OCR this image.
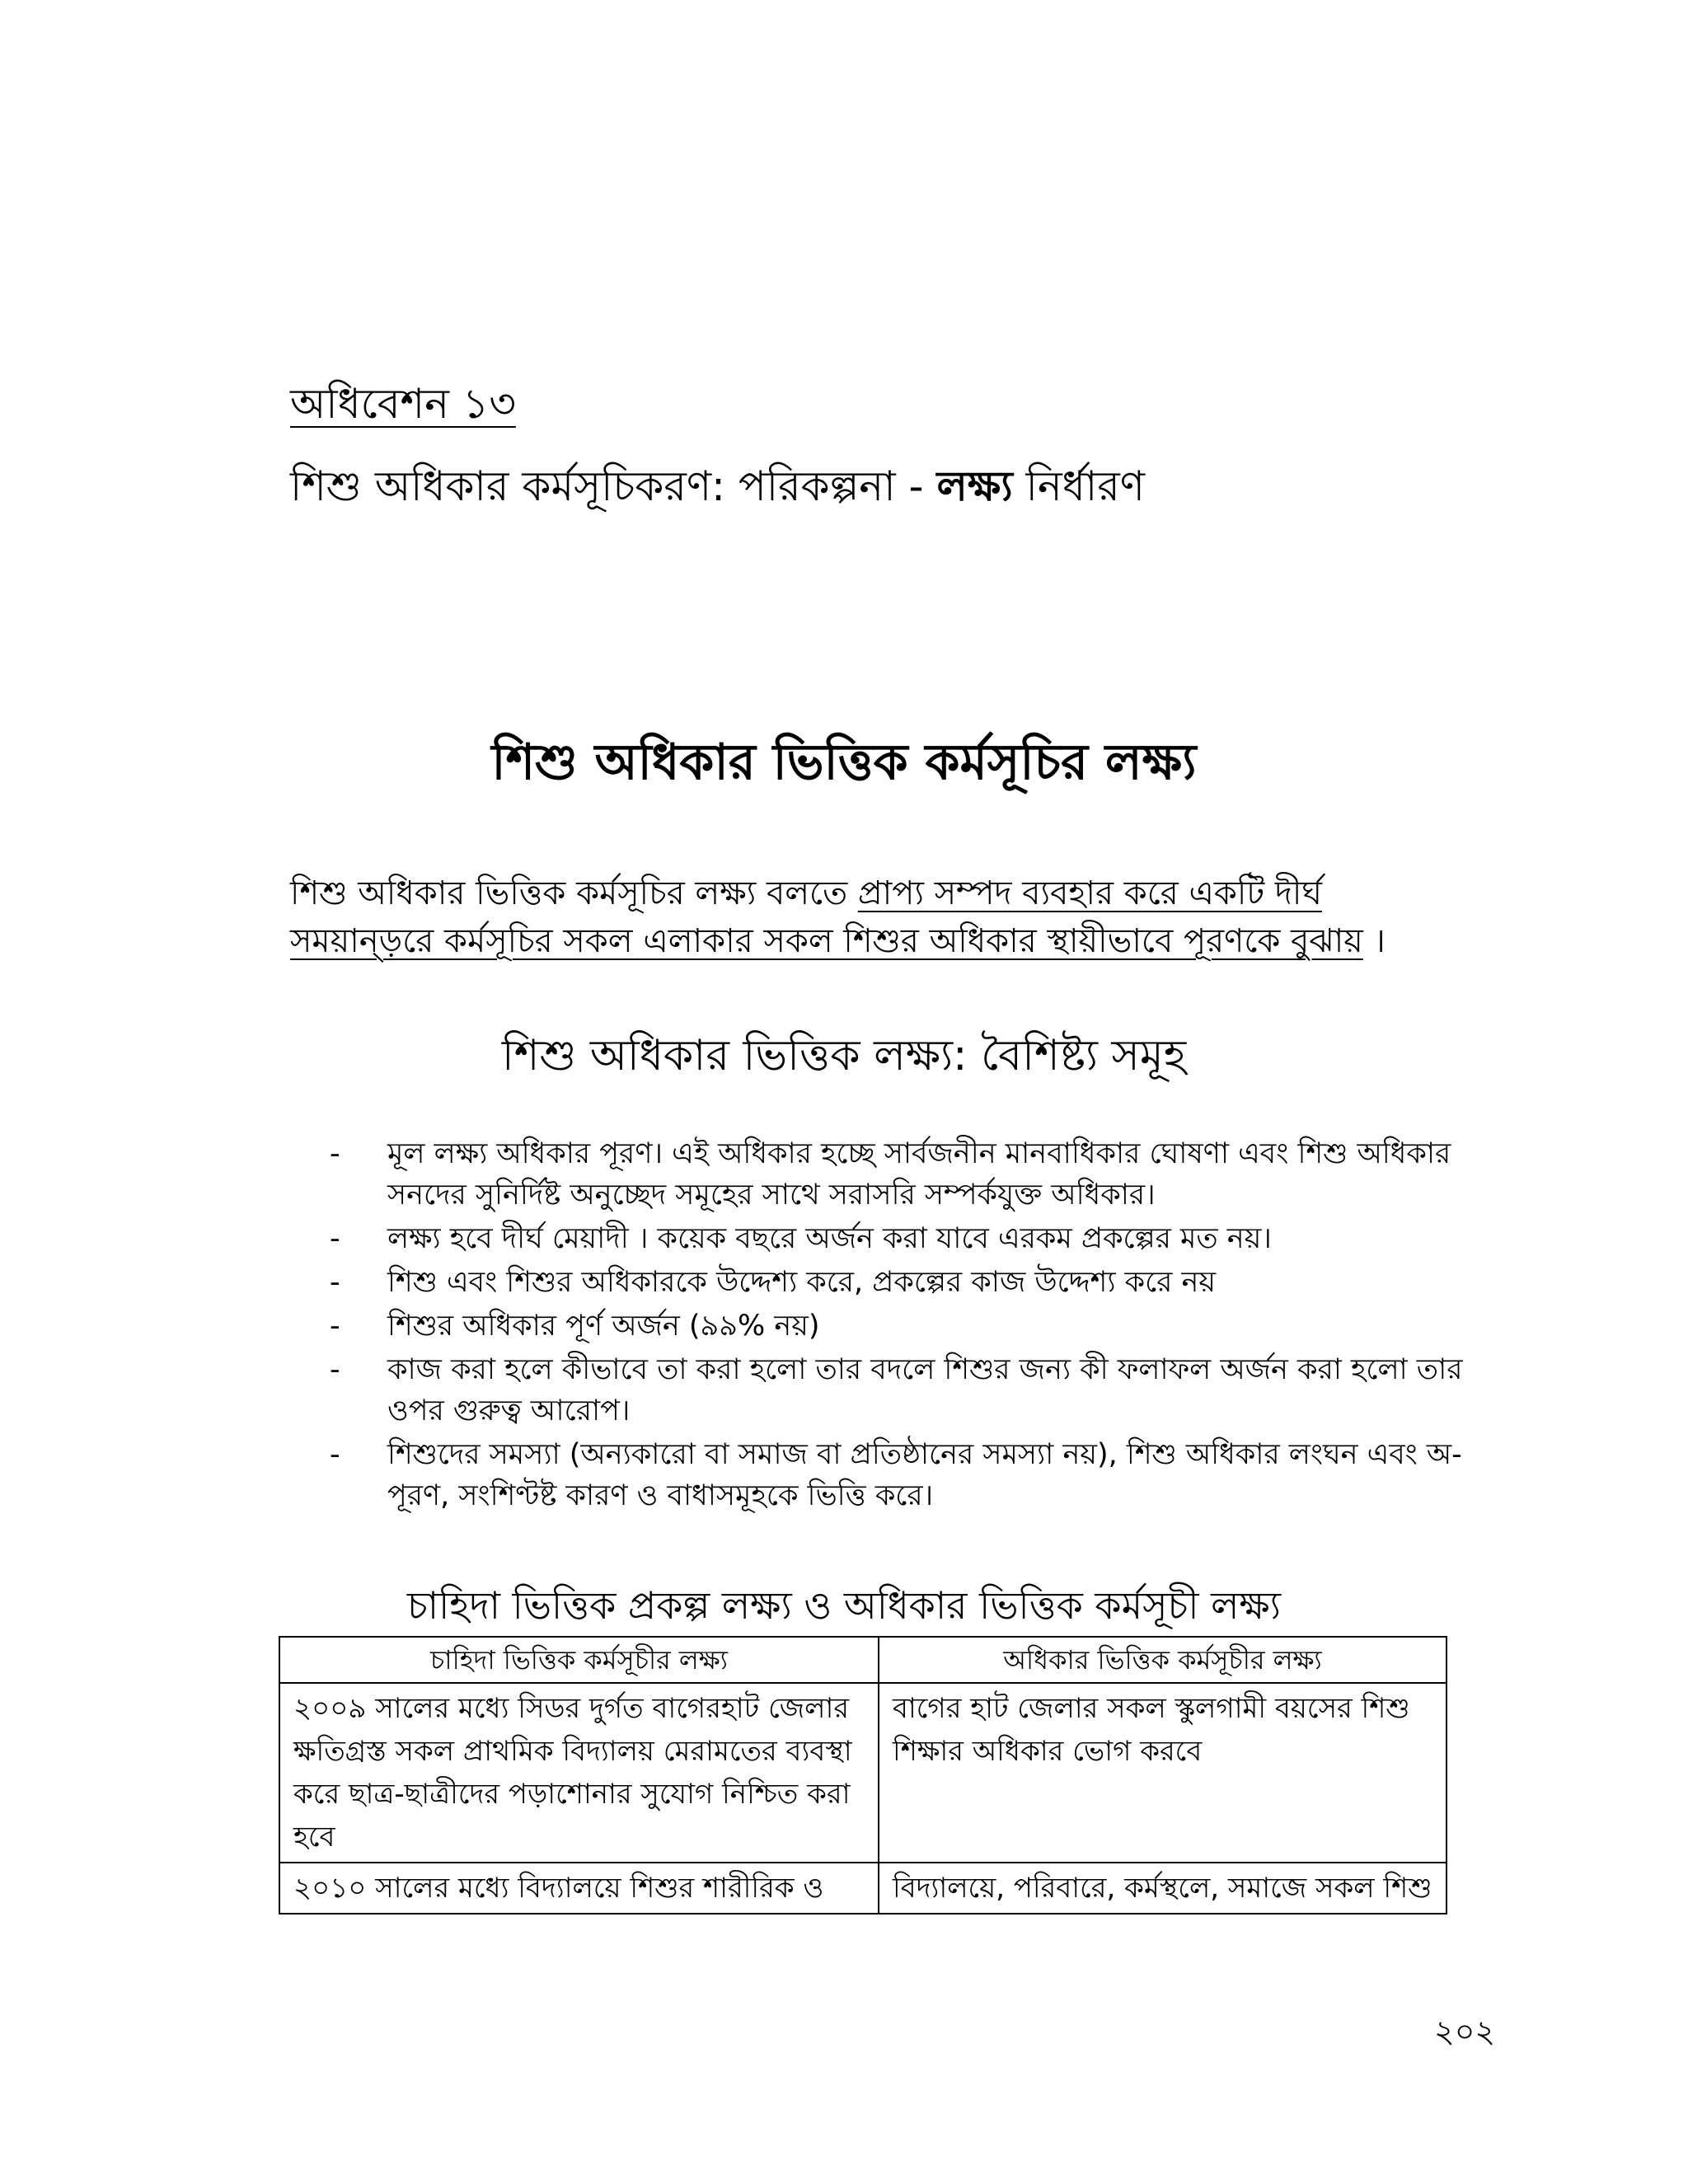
অধিবেশন ১৩
শিশু অধিকার কর্মসূচিকরণ: পরিকল্পনা - লক্ষ্য নির্ধারণ
শিশু অধিকার ভিত্তিক কর্মসূচির লক্ষ্য
শিশু অধিকার ভিত্তিক কর্মসূচির লক্ষ্য বলতে প্রাপ্য সম্পদ ব্যবহার করে একটি দীর্ঘ
সময়ান্ড়রে কর্মসূচির সকল এলাকার সকল শিশুর অধিকার স্থায়ীভাবে পূরণকে বুঝায় ।
শিশু অধিকার ভিত্তিক লক্ষ্য: বৈশিষ্ট্য সমূহ
- মূল লক্ষ্য অধিকার পূরণ। এই অধিকার হচ্ছে সার্বজনীন মানবাধিকার ঘোষণা এবং শিশু অধিকার সনদের সুনির্দিষ্ট অনুচ্ছেদ সমূহের সাথে সরাসরি সম্পর্কযুক্ত অধিকার।
- লক্ষ্য হবে দীর্ঘ মেয়াদী । কয়েক বছরে অর্জন করা যাবে এরকম প্রকল্পের মত নয়।
- শিশু এবং শিশুর অধিকারকে উদ্দেশ্য করে, প্রকল্পের কাজ উদ্দেশ্য করে নয়
- শিশুর অধিকার পূর্ণ অর্জন (৯৯% নয়)
- কাজ করা হলে কীভাবে তা করা হলো তার বদলে শিশুর জন্য কী ফলাফল অর্জন করা হলো তার ওপর গুরুত্ব আরোপ।
- শিশুদের সমস্যা (অন্যকারো বা সমাজ বা প্রতিষ্ঠানের সমস্যা নয়), শিশু অধিকার লংঘন এবং অ-পূরণ, সংশিণ্টষ্ট কারণ ও বাধাসমূহকে ভিত্তি করে।
চাহিদা ভিত্তিক প্রকল্প লক্ষ্য ও অধিকার ভিত্তিক কর্মসূচী লক্ষ্য
চাহিদা ভিত্তিক কর্মসূচীর লক্ষ্য	অধিকার ভিত্তিক কর্মসূচীর লক্ষ্য
২০০৯ সালের মধ্যে সিডর দুর্গত বাগেরহাট জেলার ক্ষতিগ্রস্ত সকল প্রাথমিক বিদ্যালয় মেরামতের ব্যবস্থা করে ছাত্র-ছাত্রীদের পড়াশোনার সুযোগ নিশ্চিত করা হবে	বাগের হাট জেলার সকল স্কুলগামী বয়সের শিশু শিক্ষার অধিকার ভোগ করবে
২০১০ সালের মধ্যে বিদ্যালয়ে শিশুর শারীরিক ও	বিদ্যালয়ে, পরিবারে, কর্মস্থলে, সমাজে সকল শিশু
২০২
